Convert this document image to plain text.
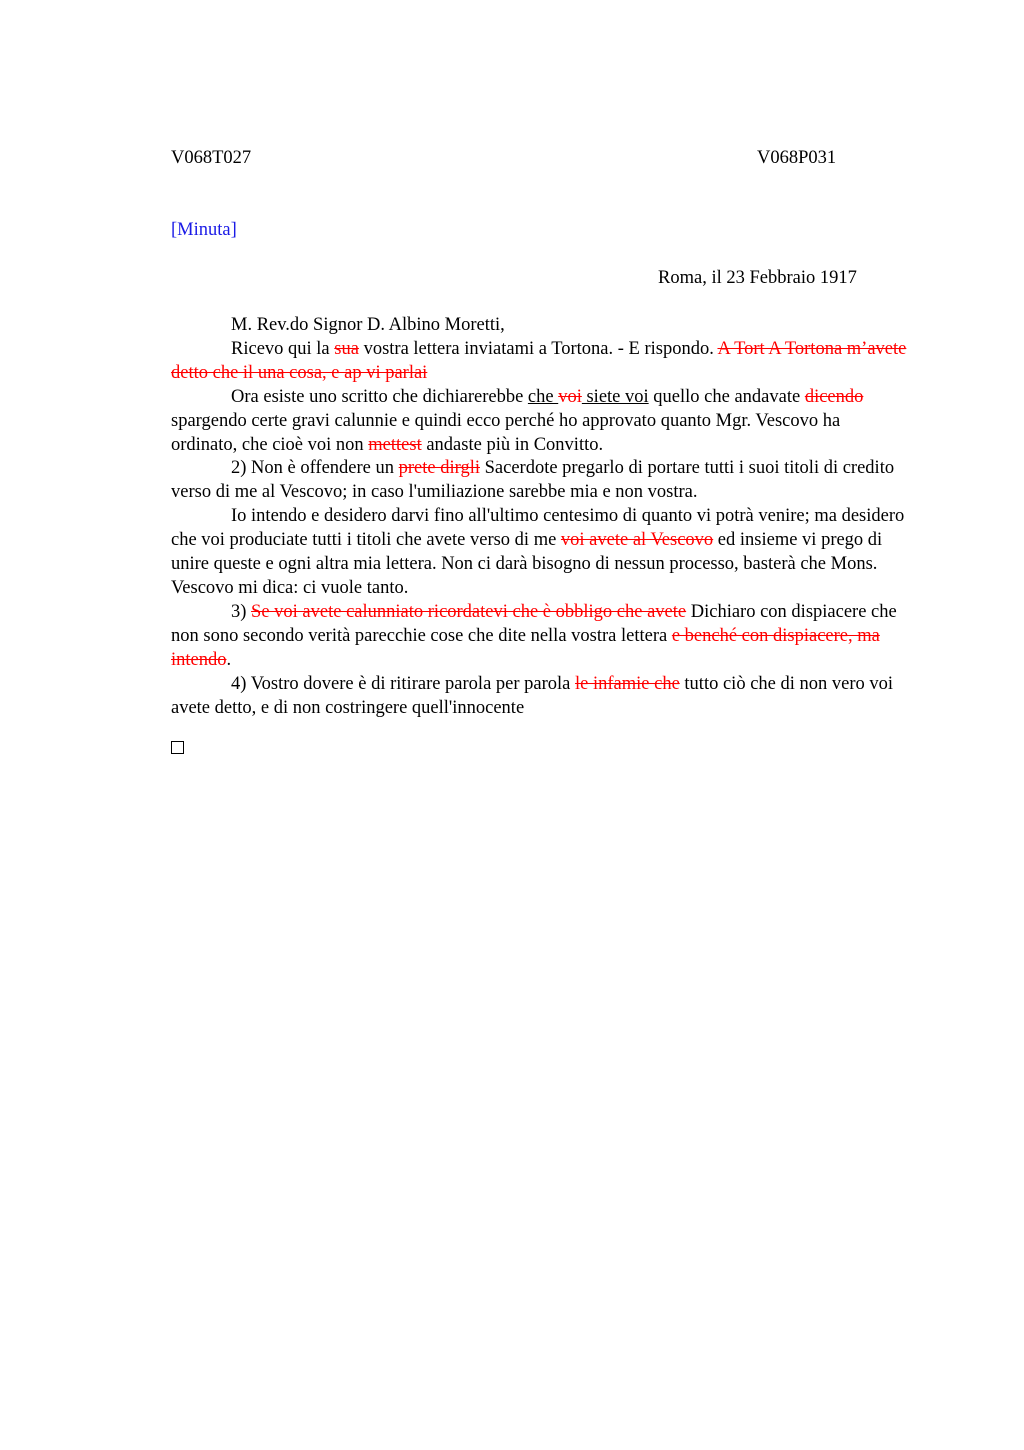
V068T027	V068P031
[Minuta]
Roma, il 23 Febbraio 1917

M. Rev.do Signor D. Albino Moretti,

Ricevo qui la sua vostra lettera inviatami a Tortona. - E rispondo. A Tort A Tortona m’avete detto che il una cosa, e ap vi parlai

Ora esiste uno scritto che dichiarerebbe che voi siete voi quello che andavate dicendo spargendo certe gravi calunnie e quindi ecco perché ho approvato quanto Mgr. Vescovo ha ordinato, che cioè voi non mettest andaste più in Convitto.

2) Non è offendere un prete dirgli Sacerdote pregarlo di portare tutti i suoi titoli di credito verso di me al Vescovo; in caso l'umiliazione sarebbe mia e non vostra.

Io intendo e desidero darvi fino all'ultimo centesimo di quanto vi potrà venire; ma desidero che voi produciate tutti i titoli che avete verso di me voi avete al Vescovo ed insieme vi prego di unire queste e ogni altra mia lettera. Non ci darà bisogno di nessun processo, basterà che Mons. Vescovo mi dica: ci vuole tanto.

3) Se voi avete calunniato ricordatevi che è obbligo che avete Dichiaro con dispiacere che non sono secondo verità parecchie cose che dite nella vostra lettera e benché con dispiacere, ma intendo.

4) Vostro dovere è di ritirare parola per parola le infamie che tutto ciò che di non vero voi avete detto, e di non costringere quell'innocente
